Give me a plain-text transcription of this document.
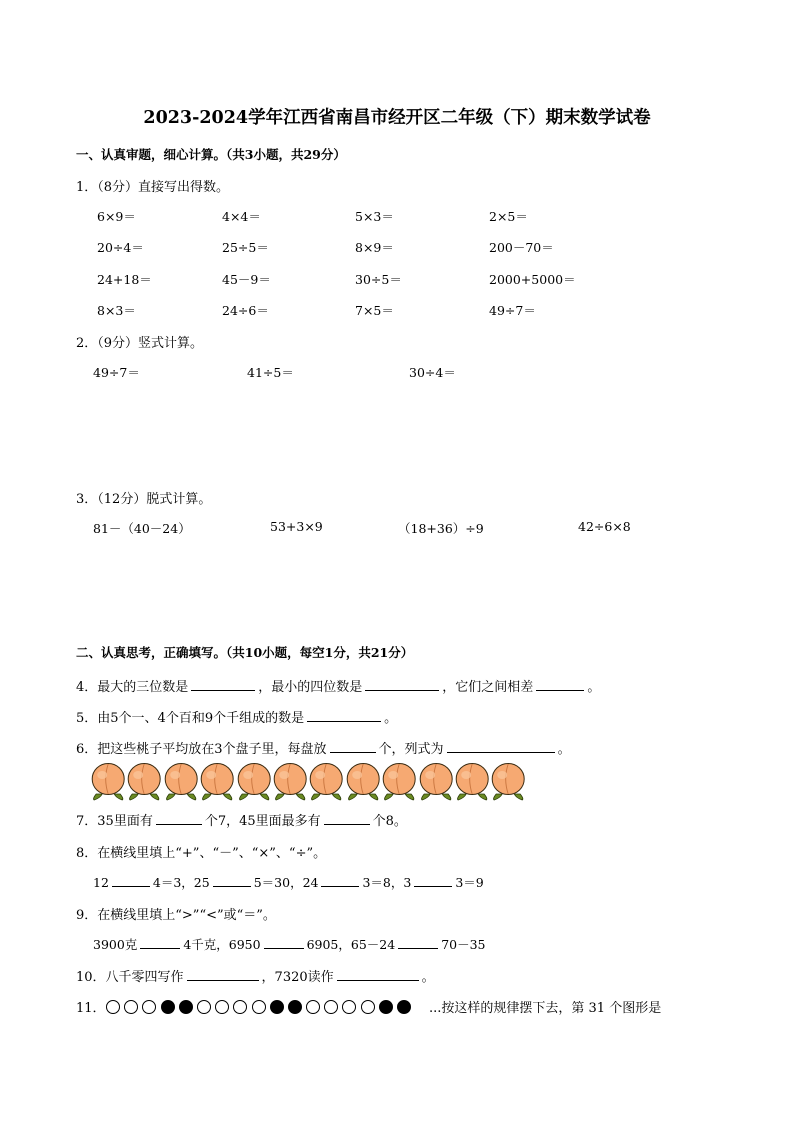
2023-2024学年江西省南昌市经开区二年级（下）期末数学试卷
一、认真审题，细心计算。（共3小题，共29分）
1．（8分）直接写出得数。
6×9＝	4×4＝	5×3＝	2×5＝
20÷4＝	25÷5＝	8×9＝	200－70＝
24+18＝	45－9＝	30÷5＝	2000+5000＝
8×3＝	24÷6＝	7×5＝	49÷7＝
2．（9分）竖式计算。
49÷7＝	41÷5＝	30÷4＝
3．（12分）脱式计算。
81－（40－24）	53+3×9	（18+36）÷9	42÷6×8
二、认真思考，正确填写。（共10小题，每空1分，共21分）
4．最大的三位数是	，最小的四位数是	，它们之间相差	。
5．由5个一、4个百和9个千组成的数是	。
6．把这些桃子平均放在3个盘子里，每盘放	个，列式为	。
7．35里面有	个7，45里面最多有	个8。
8．在横线里填上“+”、“－”、“×”、“÷”。
12	4＝3，25	5＝30，24	3＝8，3	3＝9
9．在横线里填上“>”“<”或“＝”。
3900克	4千克，6950	6905，65－24	70－35
10．八千零四写作	，7320读作	。
11．	...按这样的规律摆下去，第 31 个图形是
